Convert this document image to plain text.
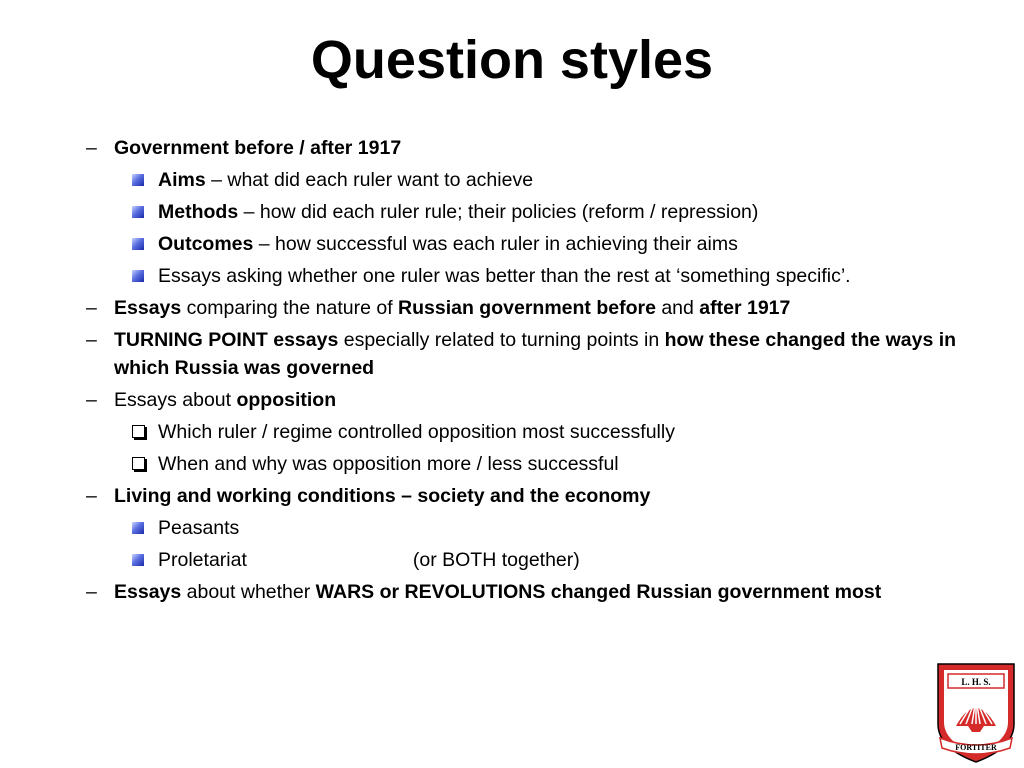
Question styles
– Government before / after 1917
Aims – what did each ruler want to achieve
Methods – how did each ruler rule; their policies (reform / repression)
Outcomes – how successful was each ruler in achieving their aims
Essays asking whether one ruler was better than the rest at ‘something specific’.
– Essays comparing the nature of Russian government before and after 1917
– TURNING POINT essays especially related to turning points in how these changed the ways in which Russia was governed
– Essays about opposition
Which ruler / regime controlled opposition most successfully
When and why was opposition more / less successful
– Living and working conditions – society and the economy
Peasants
Proletariat	(or BOTH together)
– Essays about whether WARS or REVOLUTIONS changed Russian government most
L. H. S.
FORTITER
